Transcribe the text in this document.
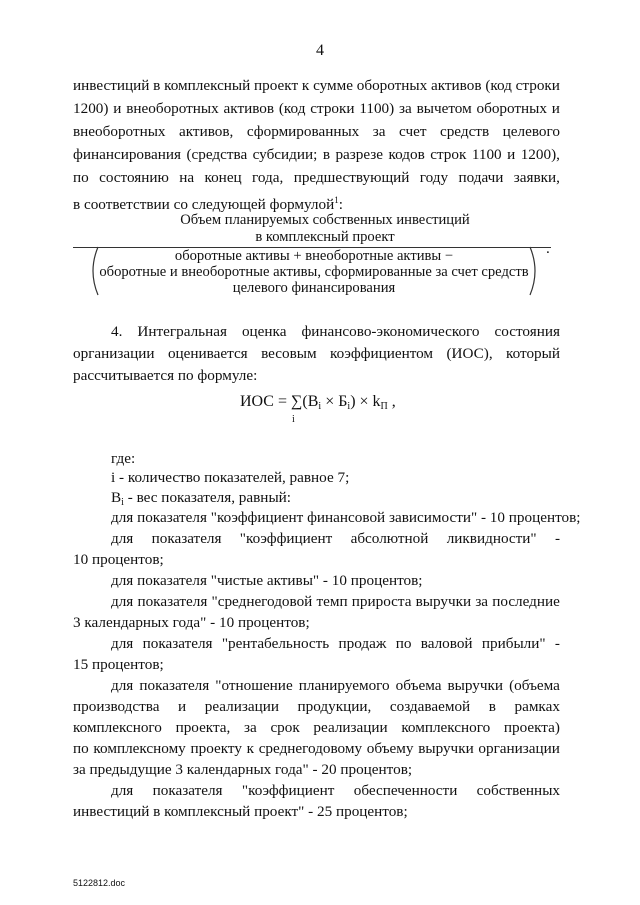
4
инвестиций в комплексный проект к сумме оборотных активов (код строки
1200) и внеоборотных активов (код строки 1100) за вычетом оборотных и
внеоборотных активов, сформированных за счет средств целевого
финансирования (средства субсидии; в разрезе кодов строк 1100 и 1200),
по состоянию на конец года, предшествующий году подачи заявки,
в соответствии со следующей формулой$^1$:
Объем планируемых собственных инвестиций
в комплексный проект
оборотные активы + внеоборотные активы −
оборотные и внеоборотные активы, сформированные за счет средств
целевого финансирования
.
4. Интегральная оценка финансово-экономического состояния
организации оценивается весовым коэффициентом (ИОС), который
рассчитывается по формуле:
ИОС = $\sum(В_i \times Б_i) \times k_П$ ,
i
где:
i - количество показателей, равное 7;
$В_i$ - вес показателя, равный:
для показателя "коэффициент финансовой зависимости" - 10 процентов;
для показателя "коэффициент абсолютной ликвидности" -
10 процентов;
для показателя "чистые активы" - 10 процентов;
для показателя "среднегодовой темп прироста выручки за последние
3 календарных года" - 10 процентов;
для показателя "рентабельность продаж по валовой прибыли" -
15 процентов;
для показателя "отношение планируемого объема выручки (объема
производства и реализации продукции, создаваемой в рамках
комплексного проекта, за срок реализации комплексного проекта)
по комплексному проекту к среднегодовому объему выручки организации
за предыдущие 3 календарных года" - 20 процентов;
для показателя "коэффициент обеспеченности собственных
инвестиций в комплексный проект" - 25 процентов;
5122812.doc
